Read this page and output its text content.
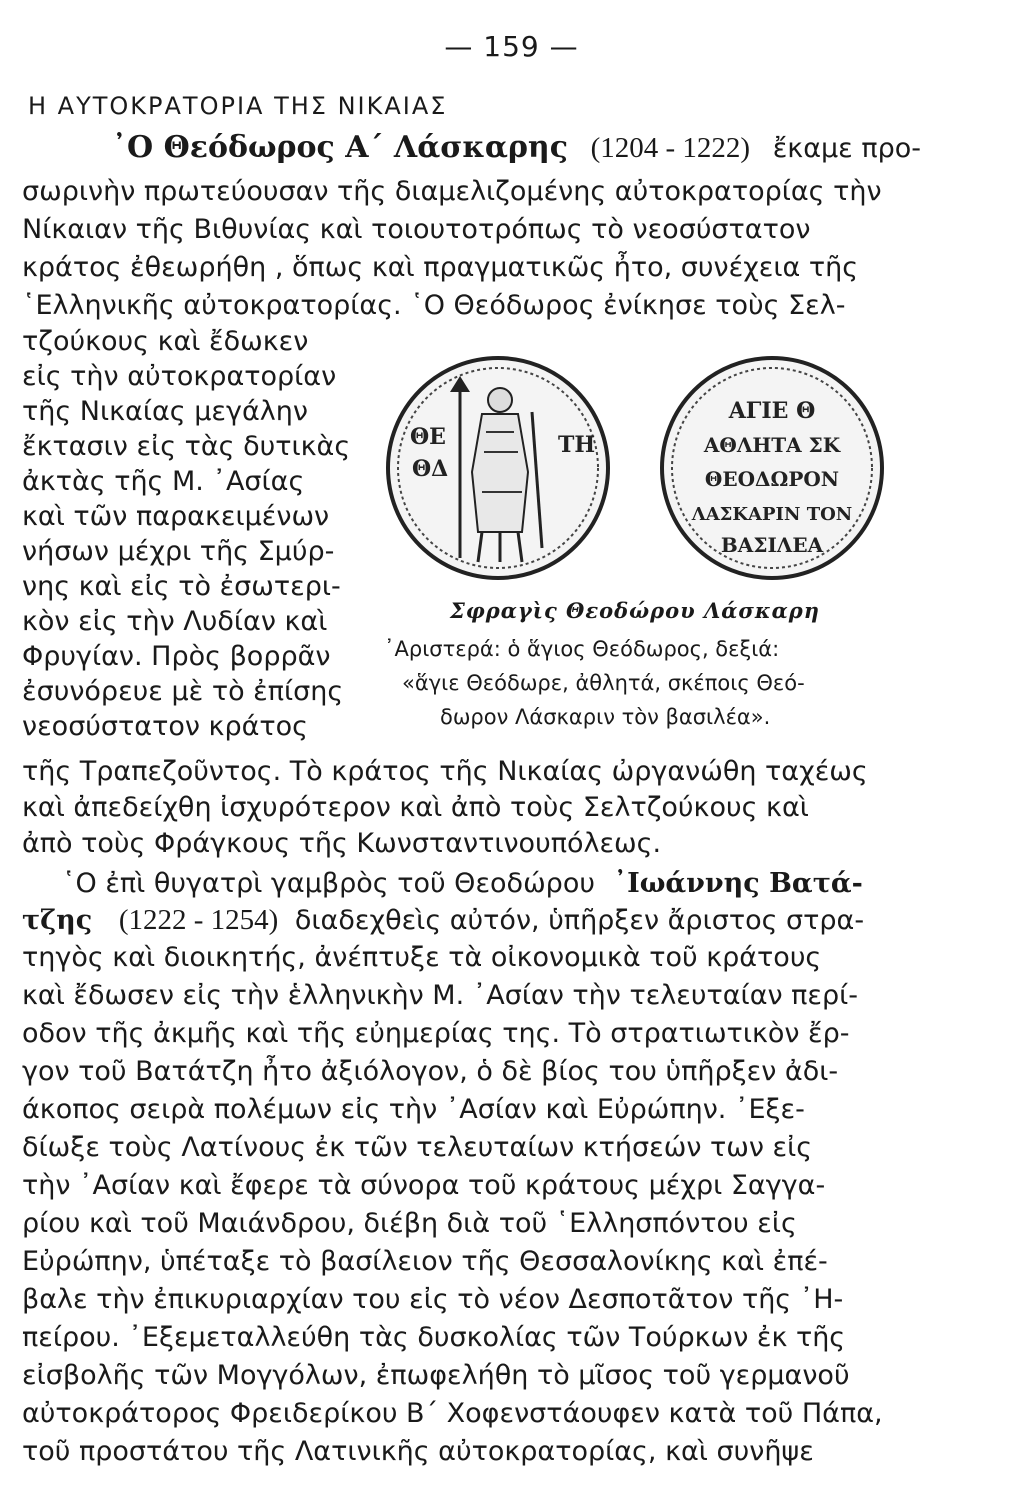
— 159 —
Η ΑΥΤΟΚΡΑΤΟΡΙΑ ΤΗΣ ΝΙΚΑΙΑΣ
᾿Ο Θεόδωρος Α΄ Λάσκαρης (1204 - 1222) ἔκαμε προ-
σωρινὴν πρωτεύουσαν τῆς διαμελιζομένης αὐτοκρατορίας τὴν
Νίκαιαν τῆς Βιθυνίας καὶ τοιουτοτρόπως τὸ νεοσύστατον
κράτος ἐθεωρήθη , ὅπως καὶ πραγματικῶς ἦτο, συνέχεια τῆς
῾Ελληνικῆς αὐτοκρατορίας. ῾Ο Θεόδωρος ἐνίκησε τοὺς Σελ-
τζούκους καὶ ἔδωκεν
εἰς τὴν αὐτοκρατορίαν
τῆς Νικαίας μεγάλην
ἔκτασιν εἰς τὰς δυτικὰς
ἀκτὰς τῆς Μ. ᾿Ασίας
καὶ τῶν παρακειμένων
νήσων μέχρι τῆς Σμύρ-
νης καὶ εἰς τὸ ἐσωτερι-
κὸν εἰς τὴν Λυδίαν καὶ
Φρυγίαν. Πρὸς βορρᾶν
ἐσυνόρευε μὲ τὸ ἐπίσης
νεοσύστατον κράτος
τῆς Τραπεζοῦντος. Τὸ κράτος τῆς Νικαίας ὠργανώθη ταχέως
καὶ ἀπεδείχθη ἰσχυρότερον καὶ ἀπὸ τοὺς Σελτζούκους καὶ
ἀπὸ τοὺς Φράγκους τῆς Κωνσταντινουπόλεως.
ΘΕ
ΘΔ
ΤΗ
ΑΓΙΕ Θ
ΑΘΛΗΤΑ ΣΚ
ΘΕΟΔΩΡΟΝ
ΛΑΣΚΑΡΙΝ ΤΟΝ
ΒΑΣΙΛΕΑ
Σφραγὶς Θεοδώρου Λάσκαρη
᾿Αριστερά: ὁ ἅγιος Θεόδωρος, δεξιά:
«ἅγιε Θεόδωρε, ἀθλητά, σκέποις Θεό-
δωρον Λάσκαριν τὸν βασιλέα».
῾Ο ἐπὶ θυγατρὶ γαμβρὸς τοῦ Θεοδώρου ᾿Ιωάννης Βατά-
τζης (1222 - 1254) διαδεχθεὶς αὐτόν, ὑπῆρξεν ἄριστος στρα-
τηγὸς καὶ διοικητής, ἀνέπτυξε τὰ οἰκονομικὰ τοῦ κράτους
καὶ ἔδωσεν εἰς τὴν ἑλληνικὴν Μ. ᾿Ασίαν τὴν τελευταίαν περί-
οδον τῆς ἀκμῆς καὶ τῆς εὐημερίας της. Τὸ στρατιωτικὸν ἔρ-
γον τοῦ Βατάτζη ἦτο ἀξιόλογον, ὁ δὲ βίος του ὑπῆρξεν ἀδι-
άκοπος σειρὰ πολέμων εἰς τὴν ᾿Ασίαν καὶ Εὐρώπην. ᾿Εξε-
δίωξε τοὺς Λατίνους ἐκ τῶν τελευταίων κτήσεών των εἰς
τὴν ᾿Ασίαν καὶ ἔφερε τὰ σύνορα τοῦ κράτους μέχρι Σαγγα-
ρίου καὶ τοῦ Μαιάνδρου, διέβη διὰ τοῦ ῾Ελλησπόντου εἰς
Εὐρώπην, ὑπέταξε τὸ βασίλειον τῆς Θεσσαλονίκης καὶ ἐπέ-
βαλε τὴν ἐπικυριαρχίαν του εἰς τὸ νέον Δεσποτᾶτον τῆς ᾿Η-
πείρου. ᾿Εξεμεταλλεύθη τὰς δυσκολίας τῶν Τούρκων ἐκ τῆς
εἰσβολῆς τῶν Μογγόλων, ἐπωφελήθη τὸ μῖσος τοῦ γερμανοῦ
αὐτοκράτορος Φρειδερίκου Β΄ Χοφενστάουφεν κατὰ τοῦ Πάπα,
τοῦ προστάτου τῆς Λατινικῆς αὐτοκρατορίας, καὶ συνῆψε
